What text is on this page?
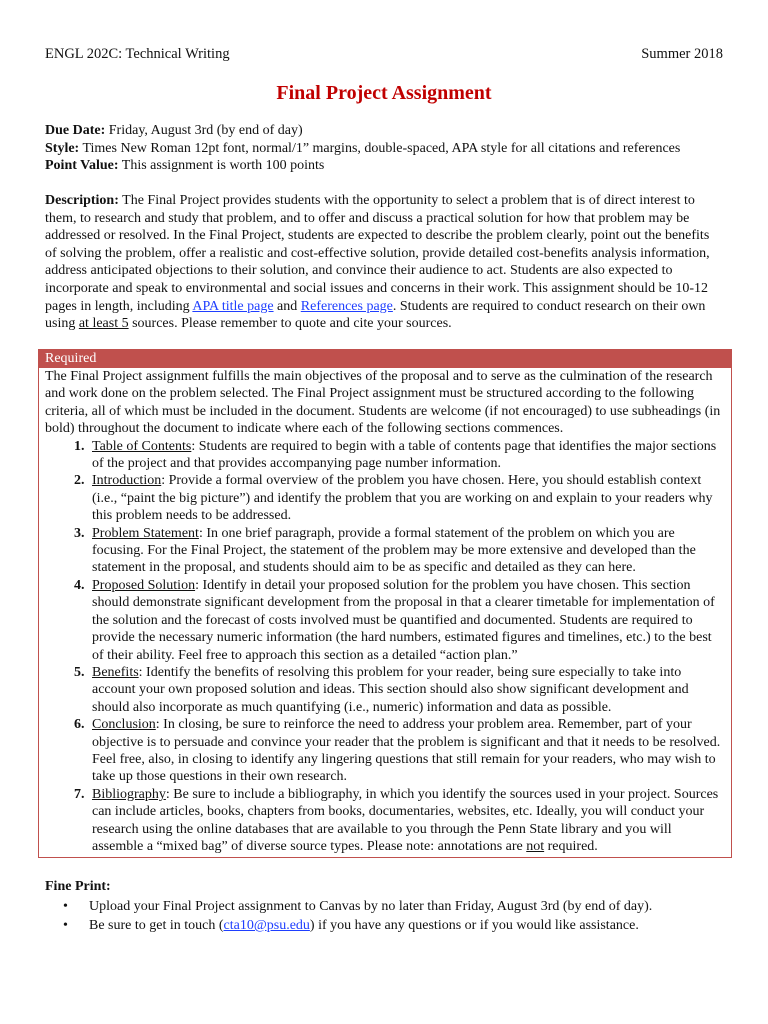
ENGL 202C: Technical Writing	Summer 2018
Final Project Assignment
Due Date: Friday, August 3rd (by end of day)
Style: Times New Roman 12pt font, normal/1” margins, double-spaced, APA style for all citations and references
Point Value: This assignment is worth 100 points
Description: The Final Project provides students with the opportunity to select a problem that is of direct interest to them, to research and study that problem, and to offer and discuss a practical solution for how that problem may be addressed or resolved. In the Final Project, students are expected to describe the problem clearly, point out the benefits of solving the problem, offer a realistic and cost-effective solution, provide detailed cost-benefits analysis information, address anticipated objections to their solution, and convince their audience to act. Students are also expected to incorporate and speak to environmental and social issues and concerns in their work. This assignment should be 10-12 pages in length, including APA title page and References page. Students are required to conduct research on their own using at least 5 sources. Please remember to quote and cite your sources.
Required
The Final Project assignment fulfills the main objectives of the proposal and to serve as the culmination of the research and work done on the problem selected. The Final Project assignment must be structured according to the following criteria, all of which must be included in the document. Students are welcome (if not encouraged) to use subheadings (in bold) throughout the document to indicate where each of the following sections commences.
1. Table of Contents: Students are required to begin with a table of contents page that identifies the major sections of the project and that provides accompanying page number information.
2. Introduction: Provide a formal overview of the problem you have chosen. Here, you should establish context (i.e., “paint the big picture”) and identify the problem that you are working on and explain to your readers why this problem needs to be addressed.
3. Problem Statement: In one brief paragraph, provide a formal statement of the problem on which you are focusing. For the Final Project, the statement of the problem may be more extensive and developed than the statement in the proposal, and students should aim to be as specific and detailed as they can here.
4. Proposed Solution: Identify in detail your proposed solution for the problem you have chosen. This section should demonstrate significant development from the proposal in that a clearer timetable for implementation of the solution and the forecast of costs involved must be quantified and documented. Students are required to provide the necessary numeric information (the hard numbers, estimated figures and timelines, etc.) to the best of their ability. Feel free to approach this section as a detailed “action plan.”
5. Benefits: Identify the benefits of resolving this problem for your reader, being sure especially to take into account your own proposed solution and ideas. This section should also show significant development and should also incorporate as much quantifying (i.e., numeric) information and data as possible.
6. Conclusion: In closing, be sure to reinforce the need to address your problem area. Remember, part of your objective is to persuade and convince your reader that the problem is significant and that it needs to be resolved. Feel free, also, in closing to identify any lingering questions that still remain for your readers, who may wish to take up those questions in their own research.
7. Bibliography: Be sure to include a bibliography, in which you identify the sources used in your project. Sources can include articles, books, chapters from books, documentaries, websites, etc. Ideally, you will conduct your research using the online databases that are available to you through the Penn State library and you will assemble a “mixed bag” of diverse source types. Please note: annotations are not required.
Fine Print:
• Upload your Final Project assignment to Canvas by no later than Friday, August 3rd (by end of day).
• Be sure to get in touch (cta10@psu.edu) if you have any questions or if you would like assistance.
